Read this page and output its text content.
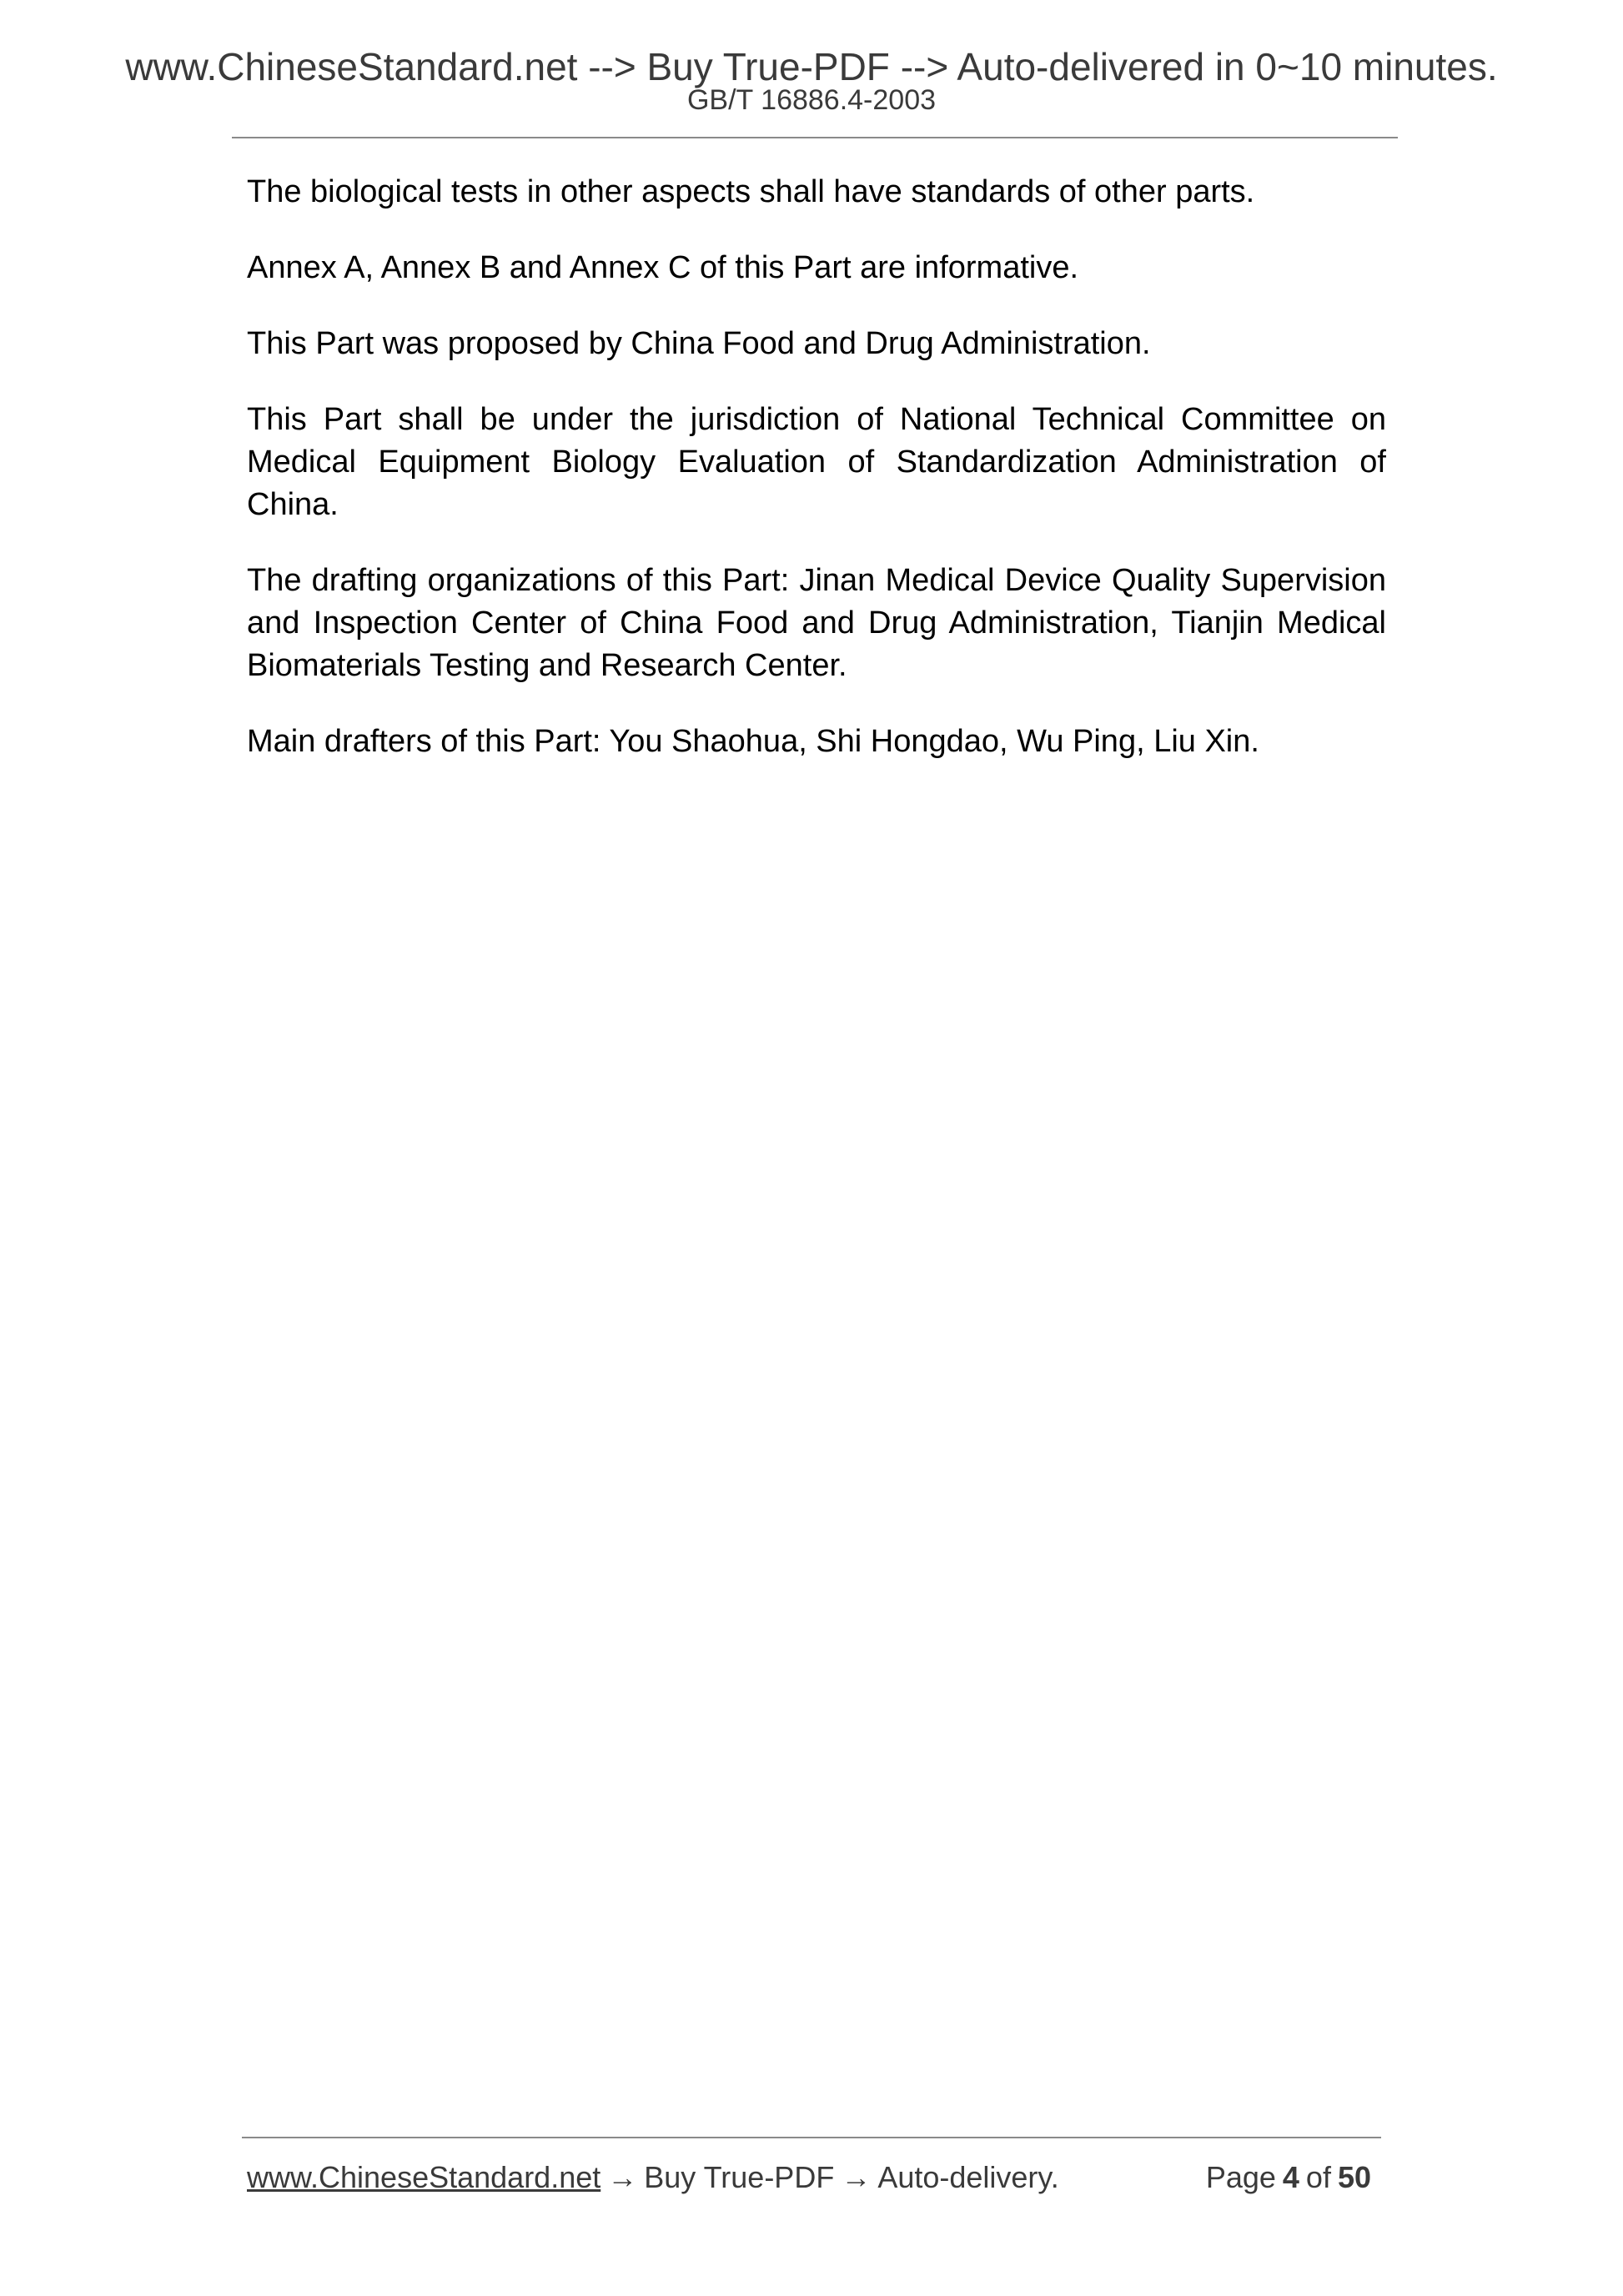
www.ChineseStandard.net --> Buy True-PDF --> Auto-delivered in 0~10 minutes.
GB/T 16886.4-2003

The biological tests in other aspects shall have standards of other parts.

Annex A, Annex B and Annex C of this Part are informative.

This Part was proposed by China Food and Drug Administration.

This Part shall be under the jurisdiction of National Technical Committee on Medical Equipment Biology Evaluation of Standardization Administration of China.

The drafting organizations of this Part: Jinan Medical Device Quality Supervision and Inspection Center of China Food and Drug Administration, Tianjin Medical Biomaterials Testing and Research Center.

Main drafters of this Part: You Shaohua, Shi Hongdao, Wu Ping, Liu Xin.

www.ChineseStandard.net → Buy True-PDF → Auto-delivery.	Page 4 of 50
